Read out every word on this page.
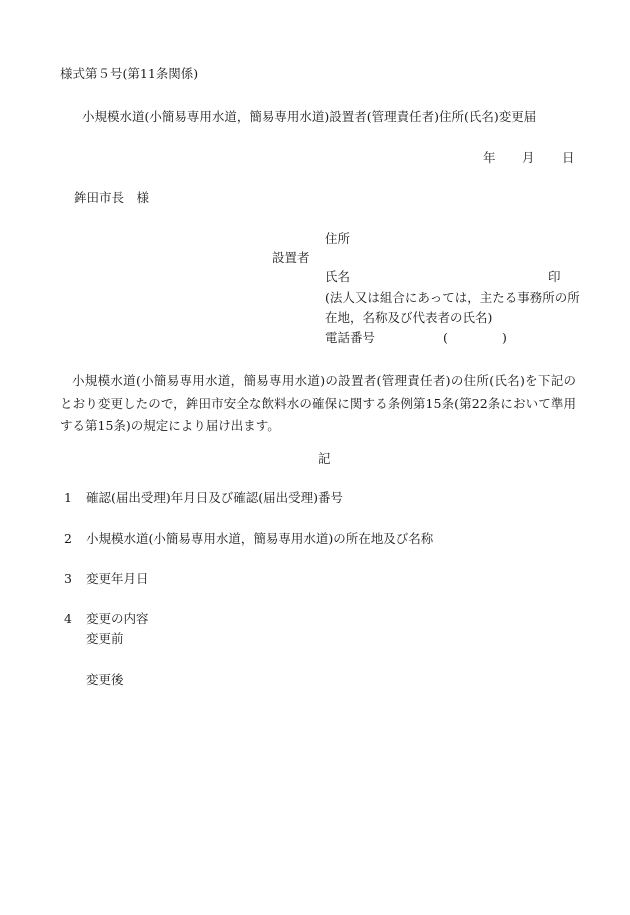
様式第５号(第11条関係)
小規模水道(小簡易専用水道，簡易専用水道)設置者(管理責任者)住所(氏名)変更届
年 月 日
鉾田市長　様
住所
設置者
氏名	印
(法人又は組合にあっては，主たる事務所の所
在地，名称及び代表者の氏名)
電話番号	(	)
小規模水道(小簡易専用水道，簡易専用水道)の設置者(管理責任者)の住所(氏名)を下記のとおり変更したので，鉾田市安全な飲料水の確保に関する条例第15条(第22条において準用する第15条)の規定により届け出ます。
記
1 確認(届出受理)年月日及び確認(届出受理)番号
2 小規模水道(小簡易専用水道，簡易専用水道)の所在地及び名称
3 変更年月日
4 変更の内容
変更前
変更後
